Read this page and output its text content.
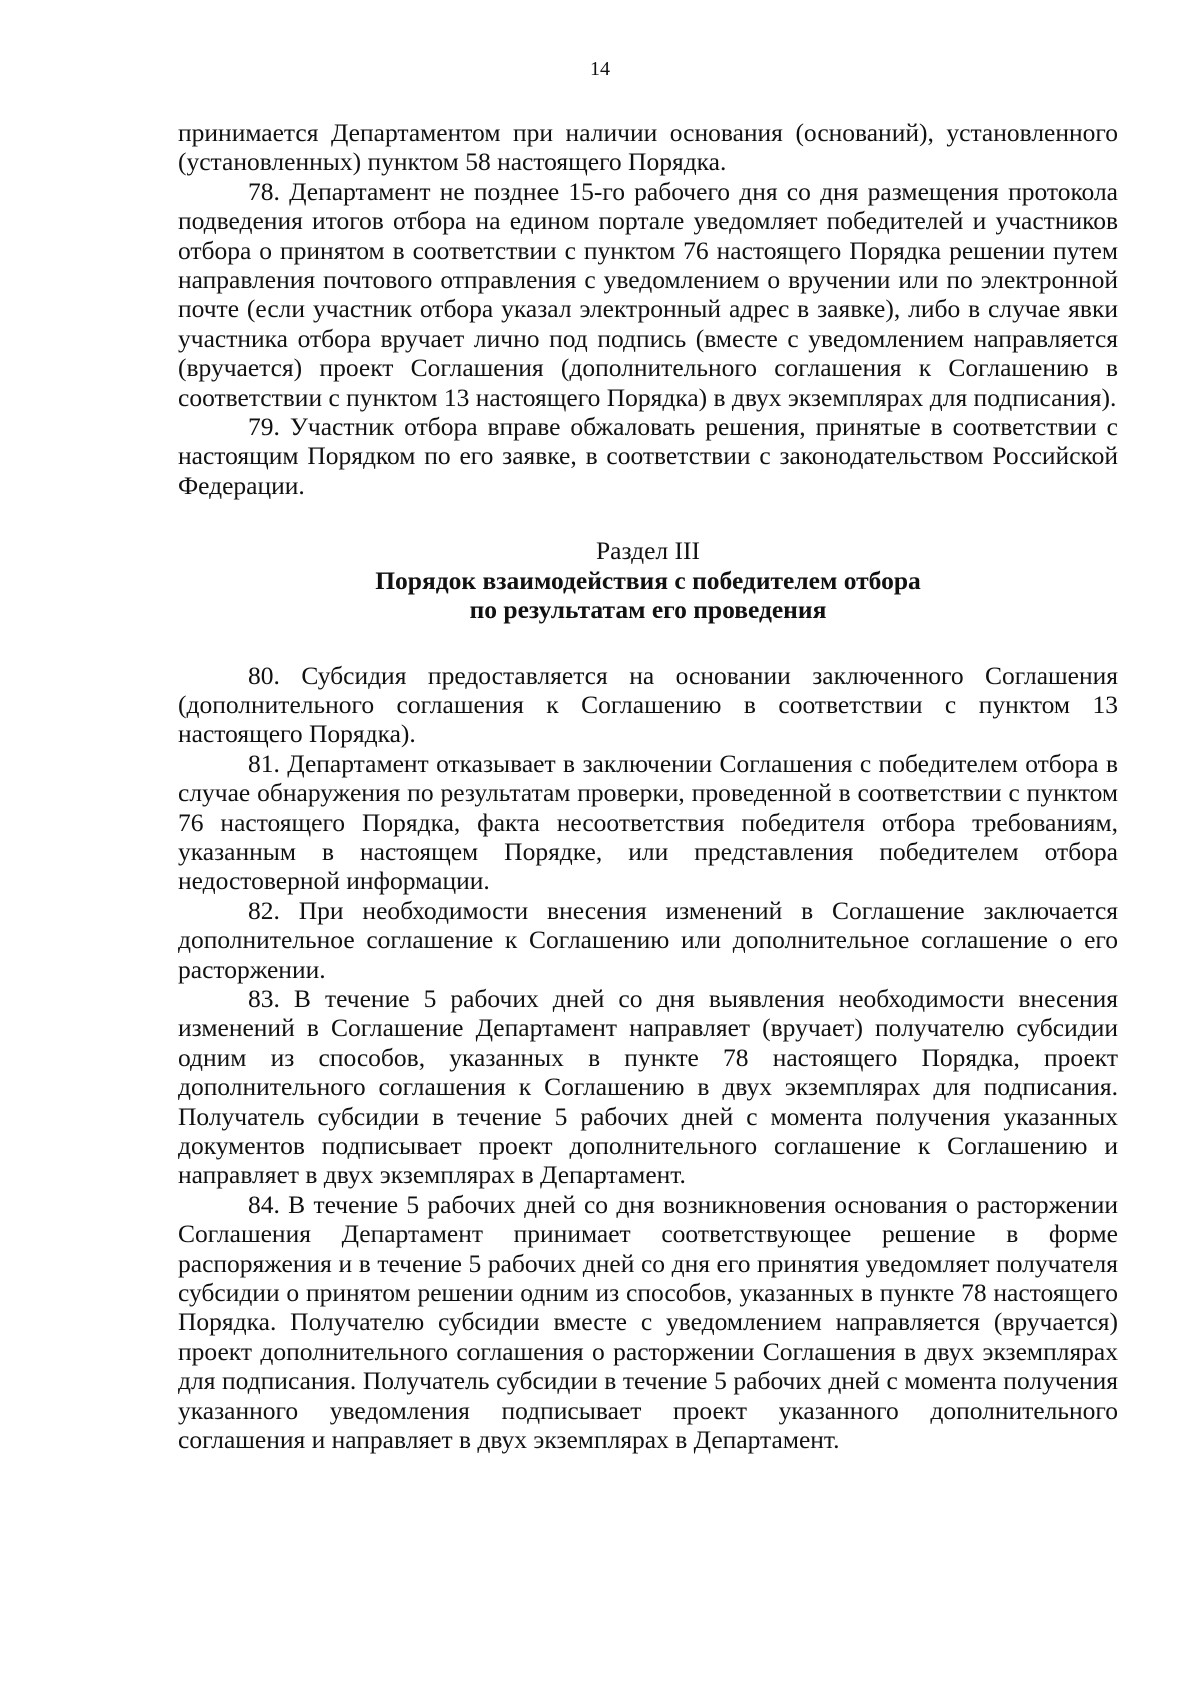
14

принимается Департаментом при наличии основания (оснований), установленного (установленных) пунктом 58 настоящего Порядка.

78. Департамент не позднее 15-го рабочего дня со дня размещения протокола подведения итогов отбора на едином портале уведомляет победителей и участников отбора о принятом в соответствии с пунктом 76 настоящего Порядка решении путем направления почтового отправления с уведомлением о вручении или по электронной почте (если участник отбора указал электронный адрес в заявке), либо в случае явки участника отбора вручает лично под подпись (вместе с уведомлением направляется (вручается) проект Соглашения (дополнительного соглашения к Соглашению в соответствии с пунктом 13 настоящего Порядка) в двух экземплярах для подписания).

79. Участник отбора вправе обжаловать решения, принятые в соответствии с настоящим Порядком по его заявке, в соответствии с законодательством Российской Федерации.

Раздел III
Порядок взаимодействия с победителем отбора
по результатам его проведения

80. Субсидия предоставляется на основании заключенного Соглашения (дополнительного соглашения к Соглашению в соответствии с пунктом 13 настоящего Порядка).

81. Департамент отказывает в заключении Соглашения с победителем отбора в случае обнаружения по результатам проверки, проведенной в соответствии с пунктом 76 настоящего Порядка, факта несоответствия победителя отбора требованиям, указанным в настоящем Порядке, или представления победителем отбора недостоверной информации.

82. При необходимости внесения изменений в Соглашение заключается дополнительное соглашение к Соглашению или дополнительное соглашение о его расторжении.

83. В течение 5 рабочих дней со дня выявления необходимости внесения изменений в Соглашение Департамент направляет (вручает) получателю субсидии одним из способов, указанных в пункте 78 настоящего Порядка, проект дополнительного соглашения к Соглашению в двух экземплярах для подписания. Получатель субсидии в течение 5 рабочих дней с момента получения указанных документов подписывает проект дополнительного соглашение к Соглашению и направляет в двух экземплярах в Департамент.

84. В течение 5 рабочих дней со дня возникновения основания о расторжении Соглашения Департамент принимает соответствующее решение в форме распоряжения и в течение 5 рабочих дней со дня его принятия уведомляет получателя субсидии о принятом решении одним из способов, указанных в пункте 78 настоящего Порядка. Получателю субсидии вместе с уведомлением направляется (вручается) проект дополнительного соглашения о расторжении Соглашения в двух экземплярах для подписания. Получатель субсидии в течение 5 рабочих дней с момента получения указанного уведомления подписывает проект указанного дополнительного соглашения и направляет в двух экземплярах в Департамент.
